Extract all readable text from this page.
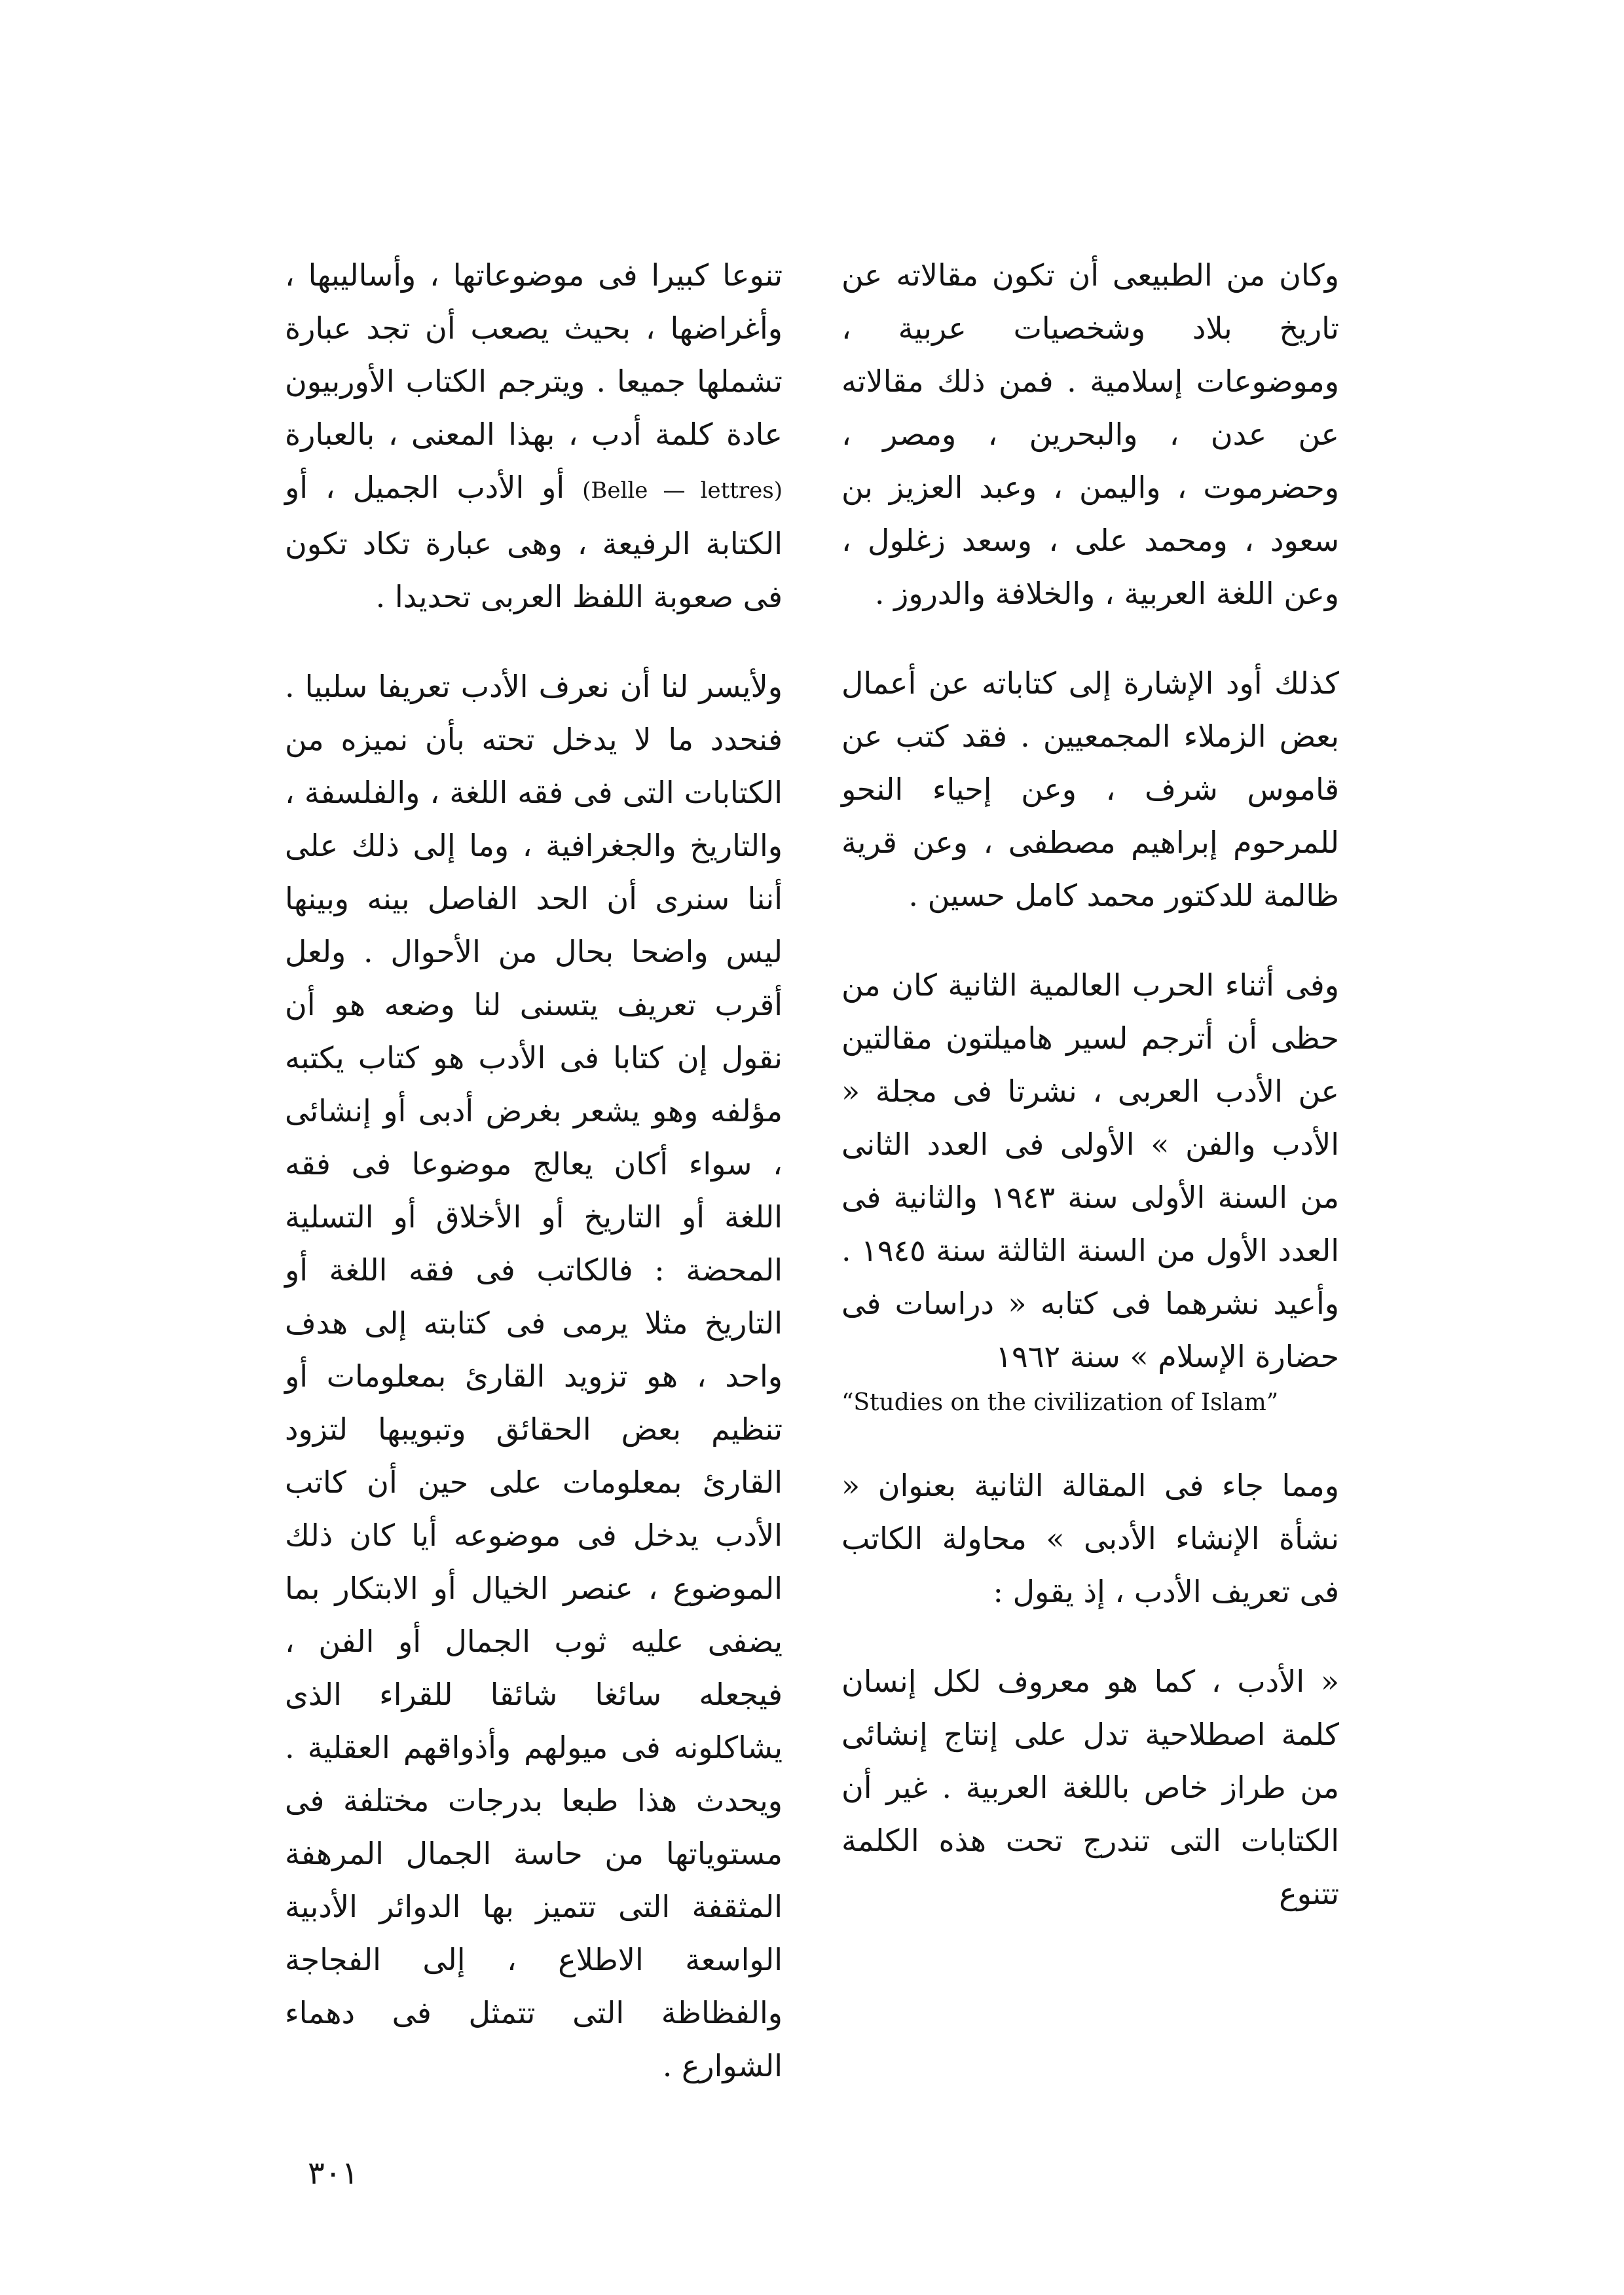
وكان من الطبيعى أن تكون مقالاته عن تاريخ بلاد وشخصيات عربية ، وموضوعات إسلامية . فمن ذلك مقالاته عن عدن ، والبحرين ، ومصر ، وحضرموت ، واليمن ، وعبد العزيز بن سعود ، ومحمد على ، وسعد زغلول ، وعن اللغة العربية ، والخلافة والدروز .

كذلك أود الإشارة إلى كتاباته عن أعمال بعض الزملاء المجمعيين . فقد كتب عن قاموس شرف ، وعن إحياء النحو للمرحوم إبراهيم مصطفى ، وعن قرية ظالمة للدكتور محمد كامل حسين .

وفى أثناء الحرب العالمية الثانية كان من حظى أن أترجم لسير هاميلتون مقالتين عن الأدب العربى ، نشرتا فى مجلة « الأدب والفن » الأولى فى العدد الثانى من السنة الأولى سنة ١٩٤٣ والثانية فى العدد الأول من السنة الثالثة سنة ١٩٤٥ . وأعيد نشرهما فى كتابه « دراسات فى حضارة الإسلام » سنة ١٩٦٢

“Studies on the civilization of Islam”

ومما جاء فى المقالة الثانية بعنوان « نشأة الإنشاء الأدبى » محاولة الكاتب فى تعريف الأدب ، إذ يقول :

« الأدب ، كما هو معروف لكل إنسان كلمة اصطلاحية تدل على إنتاج إنشائى من طراز خاص باللغة العربية . غير أن الكتابات التى تندرج تحت هذه الكلمة تتنوع

تنوعا كبيرا فى موضوعاتها ، وأساليبها ، وأغراضها ، بحيث يصعب أن تجد عبارة تشملها جميعا . ويترجم الكتاب الأوربيون عادة كلمة أدب ، بهذا المعنى ، بالعبارة (Belle — lettres) أو الأدب الجميل ، أو الكتابة الرفيعة ، وهى عبارة تكاد تكون فى صعوبة اللفظ العربى تحديدا .

ولأيسر لنا أن نعرف الأدب تعريفا سلبيا . فنحدد ما لا يدخل تحته بأن نميزه من الكتابات التى فى فقه اللغة ، والفلسفة ، والتاريخ والجغرافية ، وما إلى ذلك على أننا سنرى أن الحد الفاصل بينه وبينها ليس واضحا بحال من الأحوال . ولعل أقرب تعريف يتسنى لنا وضعه هو أن نقول إن كتابا فى الأدب هو كتاب يكتبه مؤلفه وهو يشعر بغرض أدبى أو إنشائى ، سواء أكان يعالج موضوعا فى فقه اللغة أو التاريخ أو الأخلاق أو التسلية المحضة : فالكاتب فى فقه اللغة أو التاريخ مثلا يرمى فى كتابته إلى هدف واحد ، هو تزويد القارئ بمعلومات أو تنظيم بعض الحقائق وتبويبها لتزود القارئ بمعلومات على حين أن كاتب الأدب يدخل فى موضوعه أيا كان ذلك الموضوع ، عنصر الخيال أو الابتكار بما يضفى عليه ثوب الجمال أو الفن ، فيجعله سائغا شائقا للقراء الذى يشاكلونه فى ميولهم وأذواقهم العقلية . ويحدث هذا طبعا بدرجات مختلفة فى مستوياتها من حاسة الجمال المرهفة المثقفة التى تتميز بها الدوائر الأدبية الواسعة الاطلاع ، إلى الفجاجة والفظاظة التى تتمثل فى دهماء الشوارع .

٣٠١
